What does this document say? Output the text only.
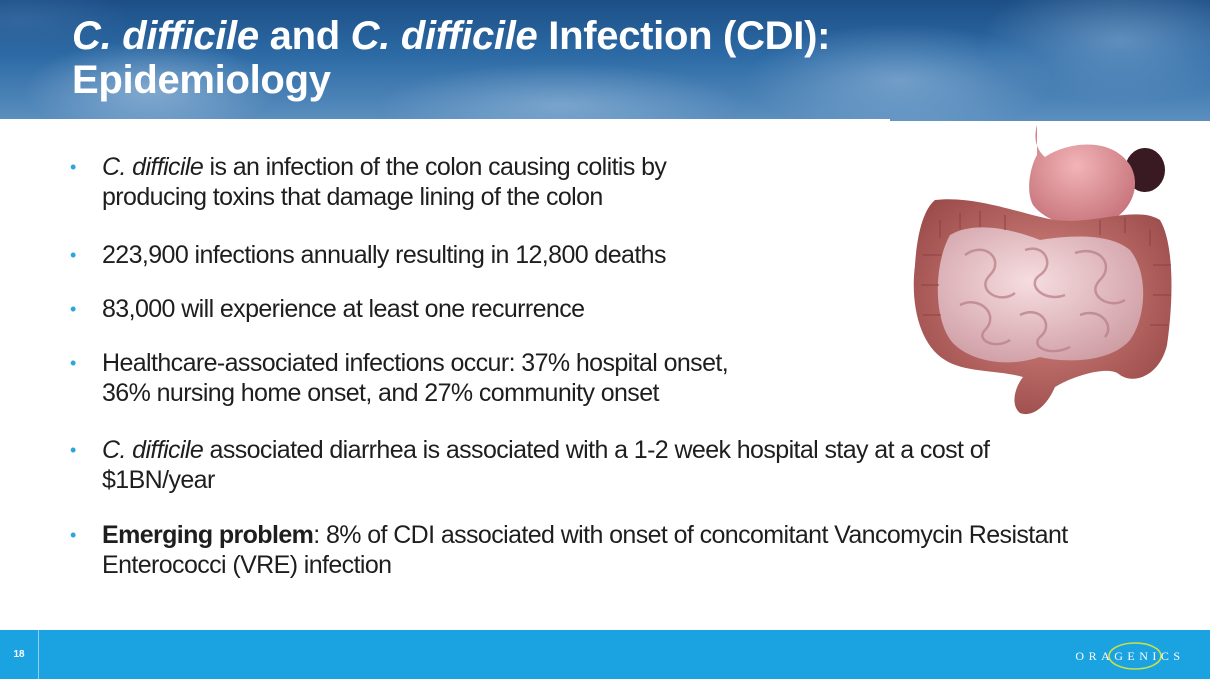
C. difficile and C. difficile Infection (CDI):
Epidemiology
• C. difficile is an infection of the colon causing colitis by
producing toxins that damage lining of the colon
• 223,900 infections annually resulting in 12,800 deaths
• 83,000 will experience at least one recurrence
• Healthcare-associated infections occur: 37% hospital onset,
36% nursing home onset, and 27% community onset
• C. difficile associated diarrhea is associated with a 1-2 week hospital stay at a cost of
$1BN/year
• Emerging problem: 8% of CDI associated with onset of concomitant Vancomycin Resistant
Enterococci (VRE) infection
18	ORAGENICS
